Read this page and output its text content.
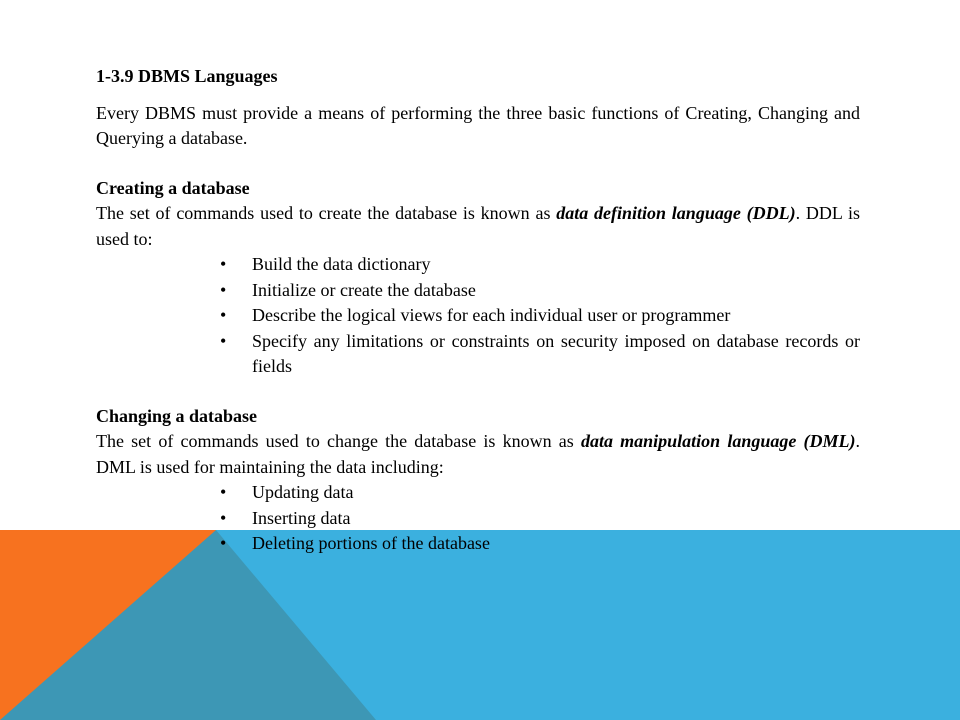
1-3.9 DBMS Languages

Every DBMS must provide a means of performing the three basic functions of Creating, Changing and Querying a database.

Creating a database

The set of commands used to create the database is known as data definition language (DDL). DDL is used to:

• Build the data dictionary
• Initialize or create the database
• Describe the logical views for each individual user or programmer
• Specify any limitations or constraints on security imposed on database records or fields
Changing a database

The set of commands used to change the database is known as data manipulation language (DML). DML is used for maintaining the data including:

• Updating data
• Inserting data
• Deleting portions of the database
